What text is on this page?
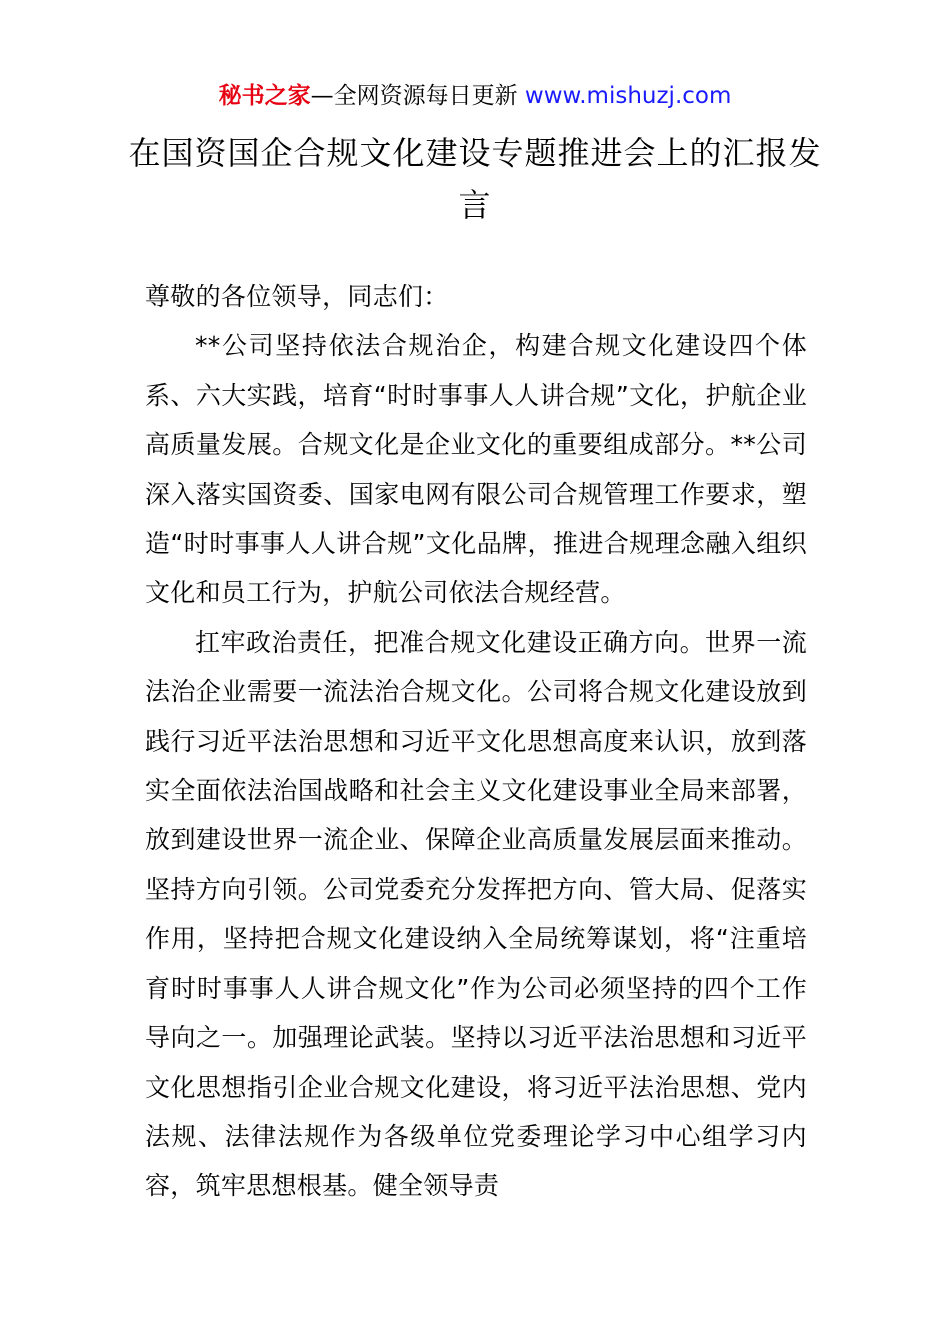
秘书之家—全网资源每日更新 www.mishuzj.com
在国资国企合规文化建设专题推进会上的汇报发言

尊敬的各位领导，同志们：

**公司坚持依法合规治企，构建合规文化建设四个体系、六大实践，培育“时时事事人人讲合规”文化，护航企业高质量发展。合规文化是企业文化的重要组成部分。**公司深入落实国资委、国家电网有限公司合规管理工作要求，塑造“时时事事人人讲合规”文化品牌，推进合规理念融入组织文化和员工行为，护航公司依法合规经营。

扛牢政治责任，把准合规文化建设正确方向。世界一流法治企业需要一流法治合规文化。公司将合规文化建设放到践行习近平法治思想和习近平文化思想高度来认识，放到落实全面依法治国战略和社会主义文化建设事业全局来部署，放到建设世界一流企业、保障企业高质量发展层面来推动。坚持方向引领。公司党委充分发挥把方向、管大局、促落实作用，坚持把合规文化建设纳入全局统筹谋划，将“注重培育时时事事人人讲合规文化”作为公司必须坚持的四个工作导向之一。加强理论武装。坚持以习近平法治思想和习近平文化思想指引企业合规文化建设，将习近平法治思想、党内法规、法律法规作为各级单位党委理论学习中心组学习内容，筑牢思想根基。健全领导责
